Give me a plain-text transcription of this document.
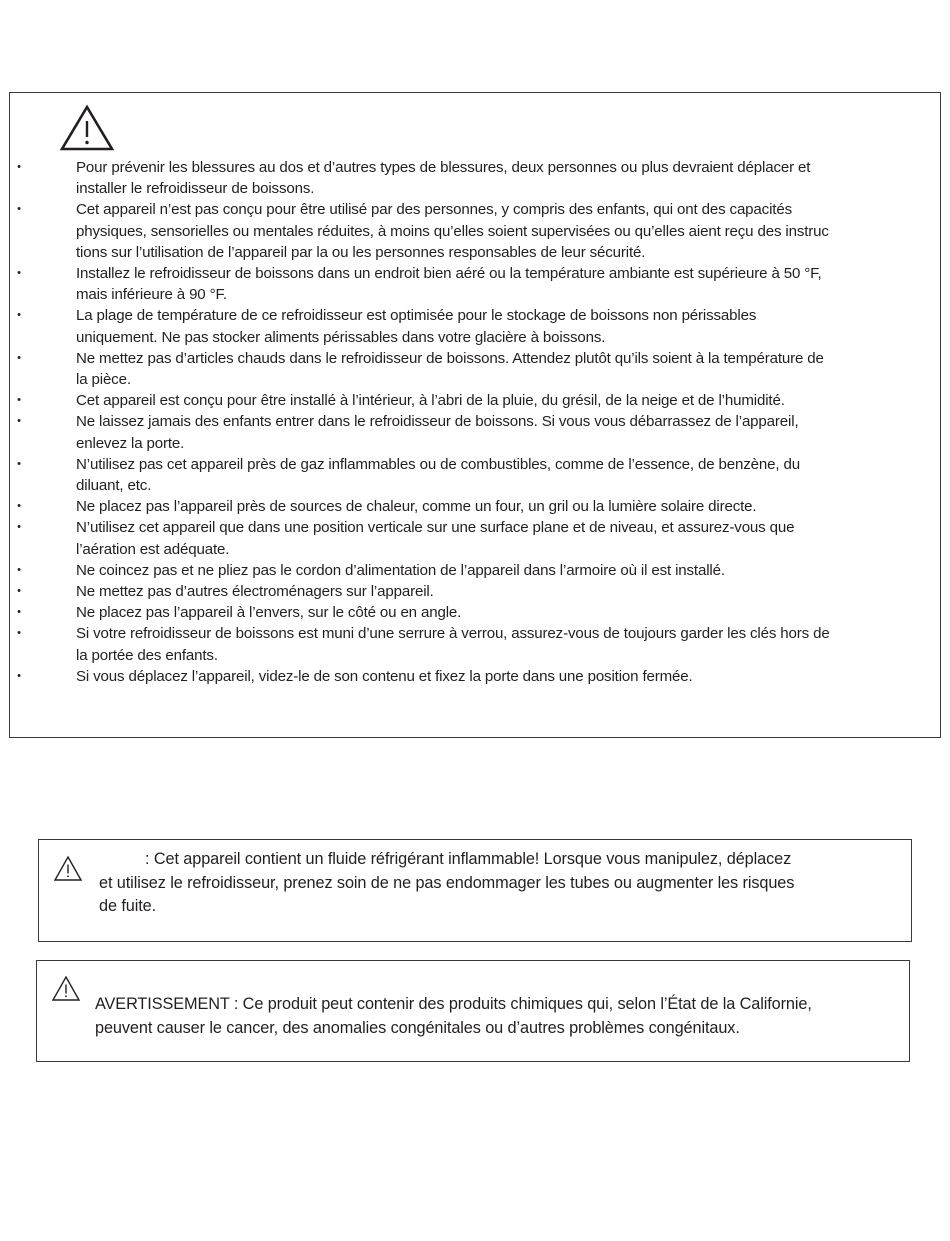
•	Pour prévenir les blessures au dos et d’autres types de blessures, deux personnes ou plus devraient déplacer et
installer le refroidisseur de boissons.
•	Cet appareil n’est pas conçu pour être utilisé par des personnes, y compris des enfants, qui ont des capacités
physiques, sensorielles ou mentales réduites, à moins qu’elles soient supervisées ou qu’elles aient reçu des instruc
tions sur l’utilisation de l’appareil par la ou les personnes responsables de leur sécurité.
•	Installez le refroidisseur de boissons dans un endroit bien aéré ou la température ambiante est supérieure à 50 °F,
mais inférieure à 90 °F.
•	La plage de température de ce refroidisseur est optimisée pour le stockage de boissons non périssables
uniquement. Ne pas stocker aliments périssables dans votre glacière à boissons.
•	Ne mettez pas d’articles chauds dans le refroidisseur de boissons. Attendez plutôt qu’ils soient à la température de
la pièce.
•	Cet appareil est conçu pour être installé à l’intérieur, à l’abri de la pluie, du grésil, de la neige et de l’humidité.
•	Ne laissez jamais des enfants entrer dans le refroidisseur de boissons. Si vous vous débarrassez de l’appareil,
enlevez la porte.
•	N’utilisez pas cet appareil près de gaz inflammables ou de combustibles, comme de l’essence, de benzène, du
diluant, etc.
•	Ne placez pas l’appareil près de sources de chaleur, comme un four, un gril ou la lumière solaire directe.
•	N’utilisez cet appareil que dans une position verticale sur une surface plane et de niveau, et assurez-vous que
l’aération est adéquate.
•	Ne coincez pas et ne pliez pas le cordon d’alimentation de l’appareil dans l’armoire où il est installé.
•	Ne mettez pas d’autres électroménagers sur l’appareil.
•	Ne placez pas l’appareil à l’envers, sur le côté ou en angle.
•	Si votre refroidisseur de boissons est muni d’une serrure à verrou, assurez-vous de toujours garder les clés hors de
la portée des enfants.
•	Si vous déplacez l’appareil, videz-le de son contenu et fixez la porte dans une position fermée.
: Cet appareil contient un fluide réfrigérant inflammable! Lorsque vous manipulez, déplacez
et utilisez le refroidisseur, prenez soin de ne pas endommager les tubes ou augmenter les risques
de fuite.
AVERTISSEMENT : Ce produit peut contenir des produits chimiques qui, selon l’État de la Californie,
peuvent causer le cancer, des anomalies congénitales ou d’autres problèmes congénitaux.
